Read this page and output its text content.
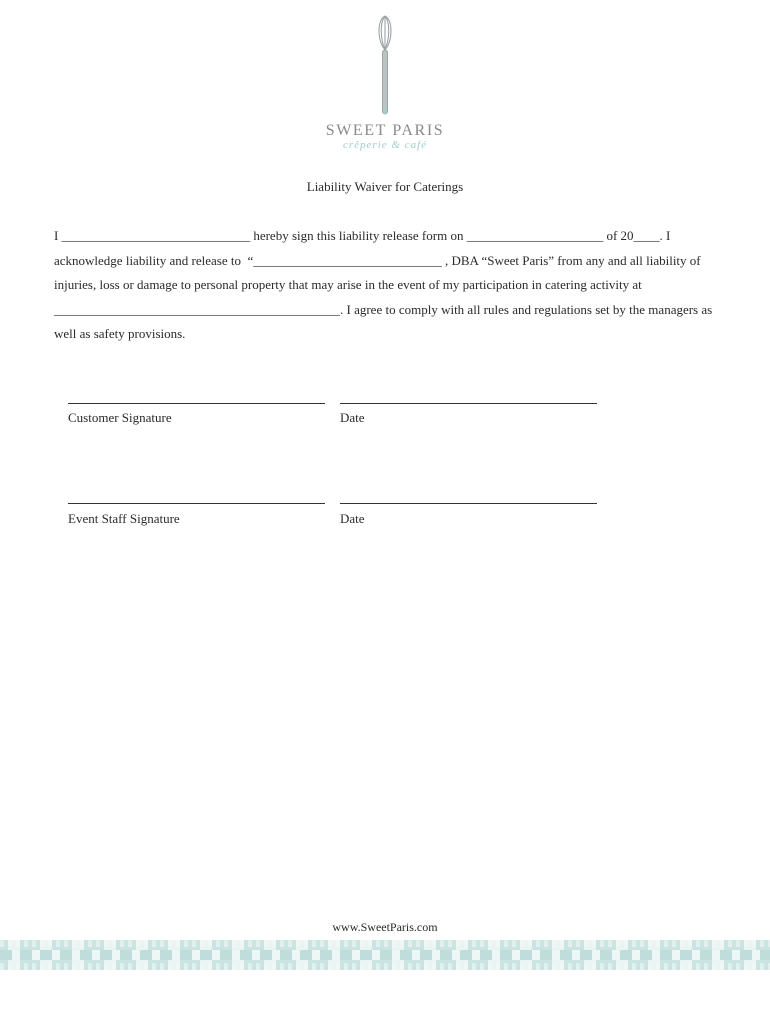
SWEET PARIS
crêperie & café
Liability Waiver for Caterings
I _____________________________ hereby sign this liability release form on _____________________ of 20____. I
acknowledge liability and release to  “_____________________________ , DBA “Sweet Paris” from any and all liability of
injuries, loss or damage to personal property that may arise in the event of my participation in catering activity at
____________________________________________. I agree to comply with all rules and regulations set by the managers as
well as safety provisions.
Customer Signature	Date
Event Staff Signature	Date
www.SweetParis.com
